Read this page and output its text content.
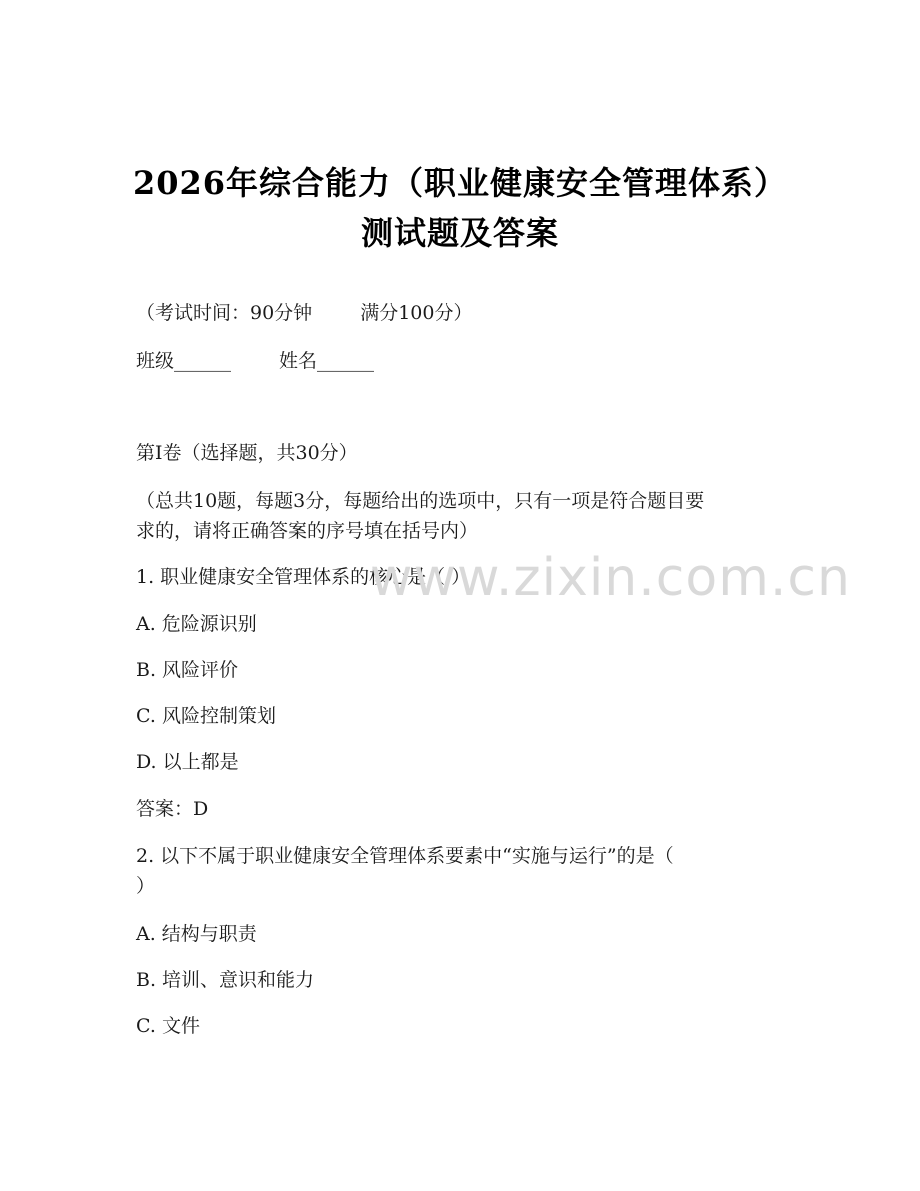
2026年综合能力（职业健康安全管理体系）
测试题及答案
（考试时间：90分钟	满分100分）
班级______	姓名______
第I卷（选择题，共30分）
（总共10题，每题3分，每题给出的选项中，只有一项是符合题目要
求的，请将正确答案的序号填在括号内）
1. 职业健康安全管理体系的核心是（ ）
A. 危险源识别
B. 风险评价
C. 风险控制策划
D. 以上都是
答案：D
2. 以下不属于职业健康安全管理体系要素中“实施与运行”的是（
）
A. 结构与职责
B. 培训、意识和能力
C. 文件
www.zixin.com.cn
